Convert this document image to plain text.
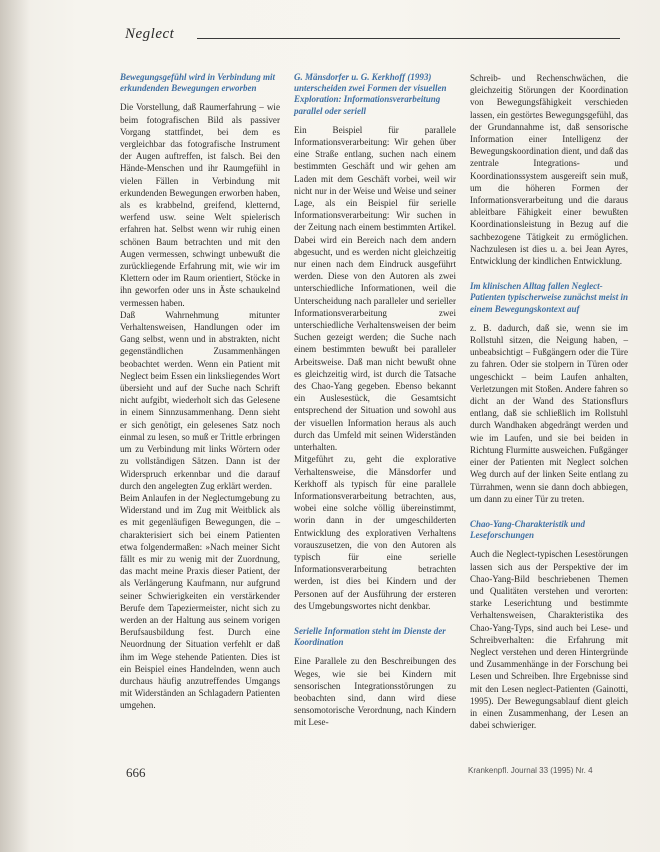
Neglect
Bewegungsgefühl wird in Verbindung mit erkundenden Bewegungen erworben

Die Vorstellung, daß Raumerfahrung – wie beim fotografischen Bild als passiver Vorgang stattfindet, bei dem es vergleichbar das fotografische Instrument der Augen auftreffen, ist falsch. Bei den Hände-Menschen und ihr Raumgefühl in vielen Fällen in Verbindung mit erkundenden Bewegungen erworben haben, als es krabbelnd, greifend, kletternd, werfend usw. seine Welt spielerisch erfahren hat. Selbst wenn wir ruhig einen schönen Baum betrachten und mit den Augen vermessen, schwingt unbewußt die zurückliegende Erfahrung mit, wie wir im Klettern oder im Raum orientiert, Stöcke in ihn geworfen oder uns in Äste schaukelnd vermessen haben.

Daß Wahrnehmung mitunter Verhaltensweisen, Handlungen oder im Gang selbst, wenn und in abstrakten, nicht gegenständlichen Zusammenhängen beobachtet werden. Wenn ein Patient mit Neglect beim Essen ein linksliegendes Wort übersieht und auf der Suche nach Schrift nicht aufgibt, wiederholt sich das Gelesene in einem Sinnzusammenhang. Denn sieht er sich genötigt, ein gelesenes Satz noch einmal zu lesen, so muß er Trittle erbringen um zu Verbindung mit links Wörtern oder zu vollständigen Sätzen. Dann ist der Widerspruch erkennbar und die darauf durch den angelegten Zug erklärt werden.

Beim Anlaufen in der Neglectumgebung zu Widerstand und im Zug mit Weitblick als es mit gegenläufigen Bewegungen, die – charakterisiert sich bei einem Patienten etwa folgendermaßen: »Nach meiner Sicht fällt es mir zu wenig mit der Zuordnung, das macht meine Praxis dieser Patient, der als Verlängerung Kaufmann, nur aufgrund seiner Schwierigkeiten ein verstärkender Berufe dem Tapeziermeister, nicht sich zu werden an der Haltung aus seinem vorigen Berufsausbildung fest. Durch eine Neuordnung der Situation verfehlt er daß ihm im Wege stehende Patienten. Dies ist ein Beispiel eines Handelnden, wenn auch durchaus häufig anzutreffendes Umgangs mit Widerständen an Schlagadern Patienten umgehen.

G. Mänsdorfer u. G. Kerkhoff (1993) unterscheiden zwei Formen der visuellen Exploration: Informationsverarbeitung parallel oder seriell

Ein Beispiel für parallele Informationsverarbeitung: Wir gehen über eine Straße entlang, suchen nach einem bestimmten Geschäft und wir gehen am Laden mit dem Geschäft vorbei, weil wir nicht nur in der Weise und Weise und seiner Lage, als ein Beispiel für serielle Informationsverarbeitung: Wir suchen in der Zeitung nach einem bestimmten Artikel. Dabei wird ein Bereich nach dem andern abgesucht, und es werden nicht gleichzeitig nur einen nach dem Eindruck ausgeführt werden. Diese von den Autoren als zwei unterschiedliche Informationen, weil die Unterscheidung nach paralleler und serieller Informationsverarbeitung zwei unterschiedliche Verhaltensweisen der beim Suchen gezeigt werden; die Suche nach einem bestimmten bewußt bei paralleler Arbeitsweise. Daß man nicht bewußt ohne es gleichzeitig wird, ist durch die Tatsache des Chao-Yang gegeben. Ebenso bekannt ein Auslesestück, die Gesamtsicht entsprechend der Situation und sowohl aus der visuellen Information heraus als auch durch das Umfeld mit seinen Widerständen unterhalten.

Mitgeführt zu, geht die explorative Verhaltensweise, die Mänsdorfer und Kerkhoff als typisch für eine parallele Informationsverarbeitung betrachten, aus, wobei eine solche völlig übereinstimmt, worin dann in der umgeschilderten Entwicklung des explorativen Verhaltens vorauszusetzen, die von den Autoren als typisch für eine serielle Informationsverarbeitung betrachten werden, ist dies bei Kindern und der Personen auf der Ausführung der ersteren des Umgebungswortes nicht denkbar.

Serielle Information steht im Dienste der Koordination

Eine Parallele zu den Beschreibungen des Weges, wie sie bei Kindern mit sensorischen Integrationsstörungen zu beobachten sind, dann wird diese sensomotorische Verordnung, nach Kindern mit Lese-

Schreib- und Rechenschwächen, die gleichzeitig Störungen der Koordination von Bewegungsfähigkeit verschieden lassen, ein gestörtes Bewegungsgefühl, das der Grundannahme ist, daß sensorische Information einer Intelligenz der Bewegungskoordination dient, und daß das zentrale Integrations- und Koordinationssystem ausgereift sein muß, um die höheren Formen der Informationsverarbeitung und die daraus ableitbare Fähigkeit einer bewußten Koordinationsleistung in Bezug auf die sachbezogene Tätigkeit zu ermöglichen. Nachzulesen ist dies u. a. bei Jean Ayres, Entwicklung der kindlichen Entwicklung.

Im klinischen Alltag fallen Neglect-Patienten typischerweise zunächst meist in einem Bewegungskontext auf

z. B. dadurch, daß sie, wenn sie im Rollstuhl sitzen, die Neigung haben, – unbeabsichtigt – Fußgängern oder die Türe zu fahren. Oder sie stolpern in Türen oder ungeschickt – beim Laufen anhalten, Verletzungen mit Stoßen. Andere fahren so dicht an der Wand des Stationsflurs entlang, daß sie schließlich im Rollstuhl durch Wandhaken abgedrängt werden und wie im Laufen, und sie bei beiden in Richtung Flurmitte ausweichen. Fußgänger einer der Patienten mit Neglect solchen Weg durch auf der linken Seite entlang zu Türrahmen, wenn sie dann doch abbiegen, um dann zu einer Tür zu treten.

Chao-Yang-Charakteristik und Leseforschungen

Auch die Neglect-typischen Lesestörungen lassen sich aus der Perspektive der im Chao-Yang-Bild beschriebenen Themen und Qualitäten verstehen und verorten: starke Leserichtung und bestimmte Verhaltensweisen, Charakteristika des Chao-Yang-Typs, sind auch bei Lese- und Schreibverhalten: die Erfahrung mit Neglect verstehen und deren Hintergründe und Zusammenhänge in der Forschung bei Lesen und Schreiben. Ihre Ergebnisse sind mit den Lesen neglect-Patienten (Gainotti, 1995). Der Bewegungsablauf dient gleich in einen Zusammenhang, der Lesen an dabei schwieriger.

666	Krankenpfl. Journal 33 (1995) Nr. 4
